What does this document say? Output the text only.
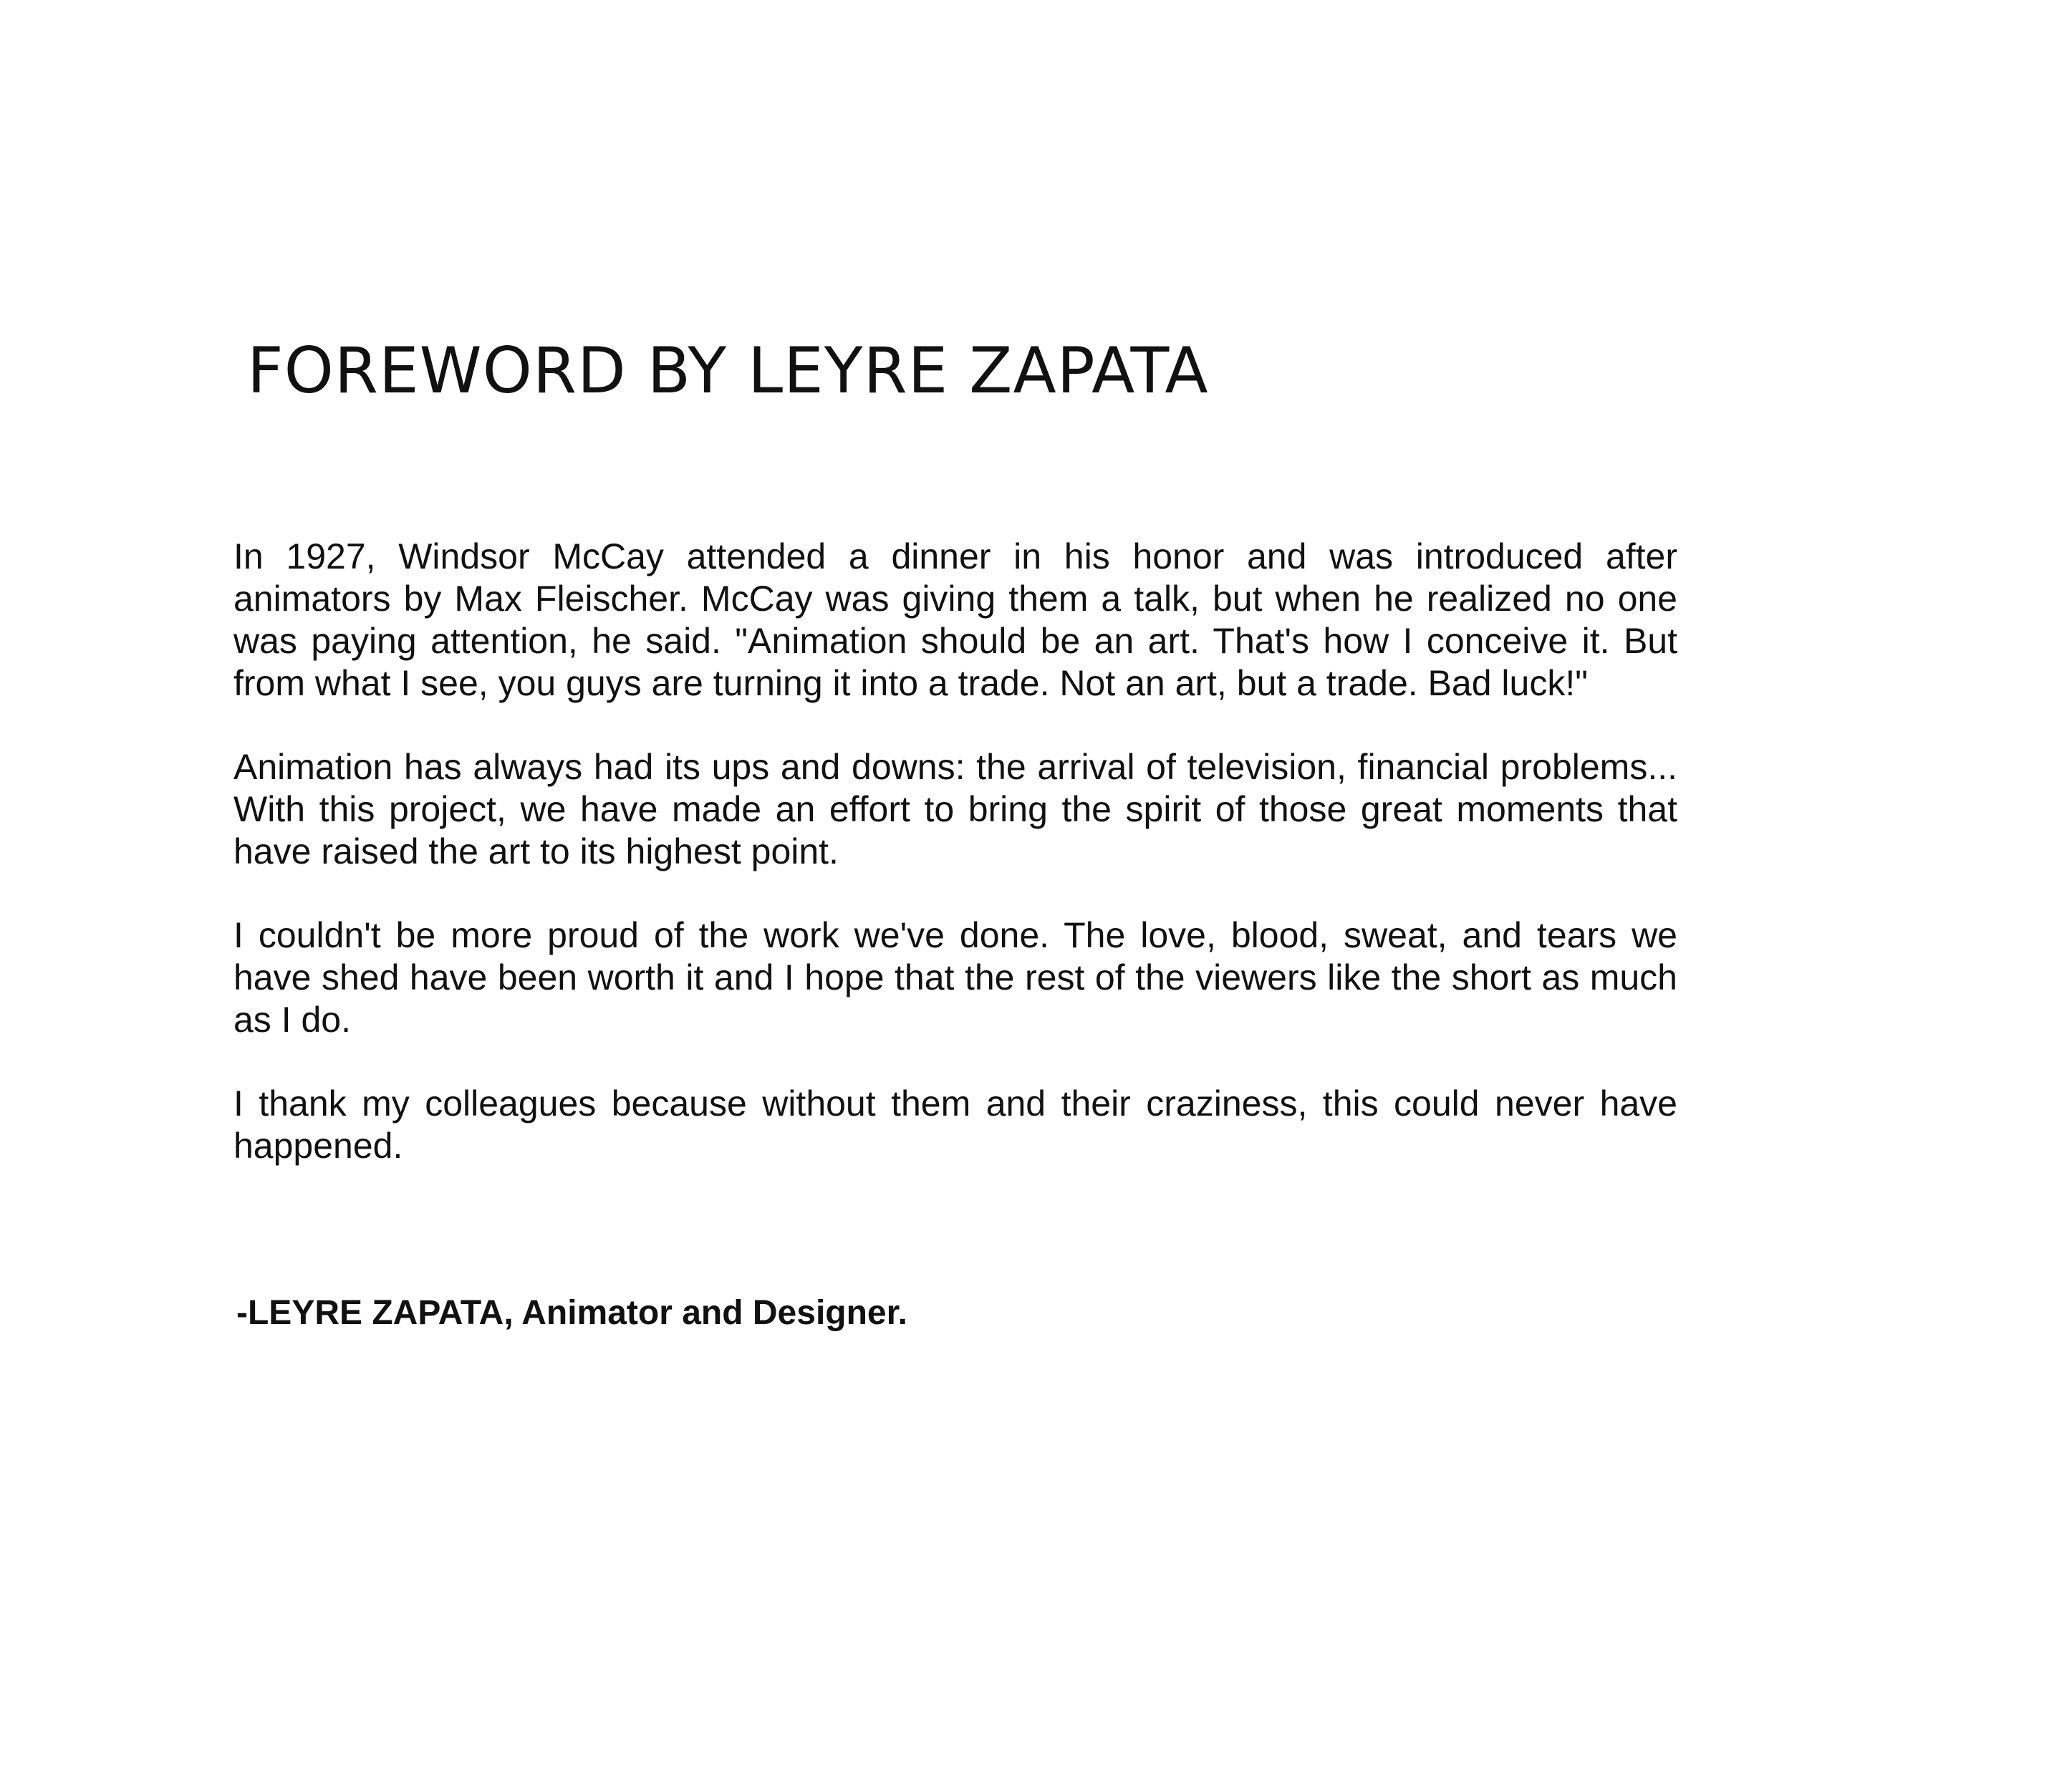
FOREWORD BY LEYRE ZAPATA

In 1927, Windsor McCay attended a dinner in his honor and was introduced after animators by Max Fleischer. McCay was giving them a talk, but when he realized no one was paying attention, he said. "Animation should be an art. That's how I conceive it. But from what I see, you guys are turning it into a trade. Not an art, but a trade. Bad luck!"

Animation has always had its ups and downs: the arrival of television, financial problems... With this project, we have made an effort to bring the spirit of those great moments that have raised the art to its highest point.

I couldn't be more proud of the work we've done. The love, blood, sweat, and tears we have shed have been worth it and I hope that the rest of the viewers like the short as much as I do.

I thank my colleagues because without them and their craziness, this could never have happened.

-LEYRE ZAPATA, Animator and Designer.
